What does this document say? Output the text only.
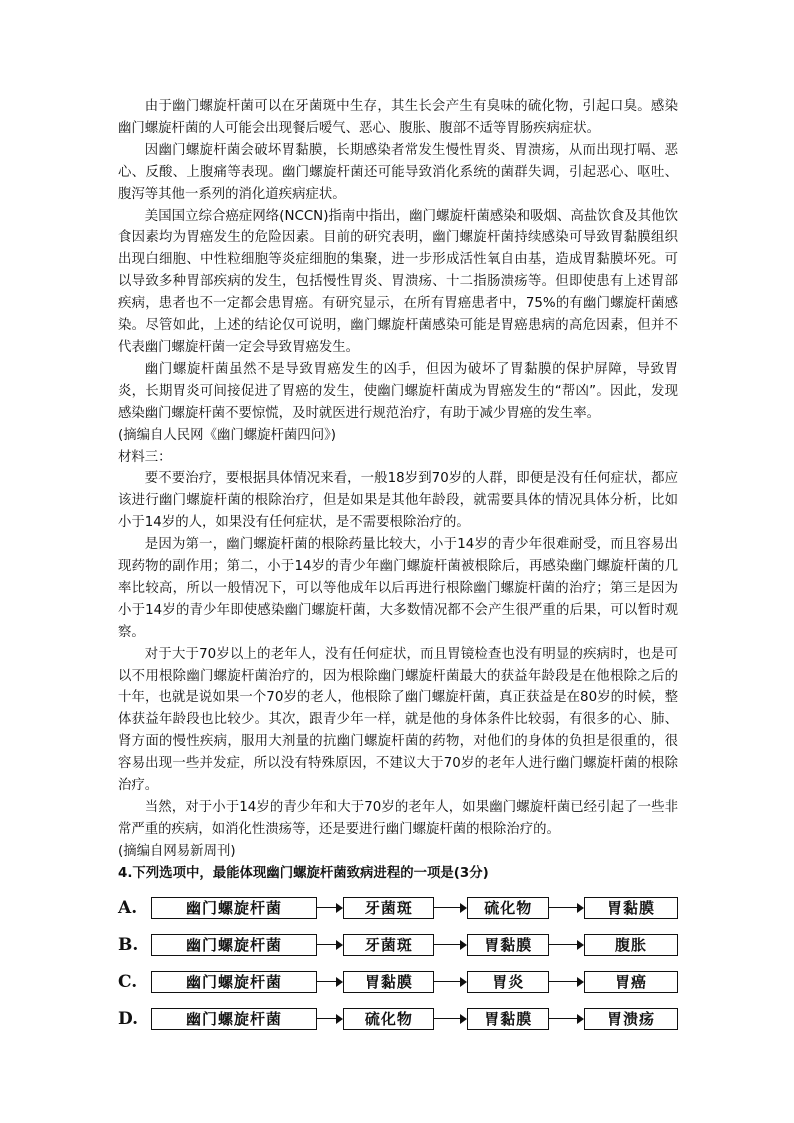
由于幽门螺旋杆菌可以在牙菌斑中生存，其生长会产生有臭味的硫化物，引起口臭。感染幽门螺旋杆菌的人可能会出现餐后嗳气、恶心、腹胀、腹部不适等胃肠疾病症状。

因幽门螺旋杆菌会破坏胃黏膜，长期感染者常发生慢性胃炎、胃溃疡，从而出现打嗝、恶心、反酸、上腹痛等表现。幽门螺旋杆菌还可能导致消化系统的菌群失调，引起恶心、呕吐、腹泻等其他一系列的消化道疾病症状。

美国国立综合癌症网络(NCCN)指南中指出，幽门螺旋杆菌感染和吸烟、高盐饮食及其他饮食因素均为胃癌发生的危险因素。目前的研究表明，幽门螺旋杆菌持续感染可导致胃黏膜组织出现白细胞、中性粒细胞等炎症细胞的集聚，进一步形成活性氧自由基，造成胃黏膜坏死。可以导致多种胃部疾病的发生，包括慢性胃炎、胃溃疡、十二指肠溃疡等。但即使患有上述胃部疾病，患者也不一定都会患胃癌。有研究显示，在所有胃癌患者中，75%的有幽门螺旋杆菌感染。尽管如此，上述的结论仅可说明，幽门螺旋杆菌感染可能是胃癌患病的高危因素，但并不代表幽门螺旋杆菌一定会导致胃癌发生。

幽门螺旋杆菌虽然不是导致胃癌发生的凶手，但因为破坏了胃黏膜的保护屏障，导致胃炎，长期胃炎可间接促进了胃癌的发生，使幽门螺旋杆菌成为胃癌发生的“帮凶”。因此，发现感染幽门螺旋杆菌不要惊慌，及时就医进行规范治疗，有助于减少胃癌的发生率。

(摘编自人民网《幽门螺旋杆菌四问》)

材料三：

要不要治疗，要根据具体情况来看，一般18岁到70岁的人群，即便是没有任何症状，都应该进行幽门螺旋杆菌的根除治疗，但是如果是其他年龄段，就需要具体的情况具体分析，比如小于14岁的人，如果没有任何症状，是不需要根除治疗的。

是因为第一，幽门螺旋杆菌的根除药量比较大，小于14岁的青少年很难耐受，而且容易出现药物的副作用；第二，小于14岁的青少年幽门螺旋杆菌被根除后，再感染幽门螺旋杆菌的几率比较高，所以一般情况下，可以等他成年以后再进行根除幽门螺旋杆菌的治疗；第三是因为小于14岁的青少年即使感染幽门螺旋杆菌，大多数情况都不会产生很严重的后果，可以暂时观察。

对于大于70岁以上的老年人，没有任何症状，而且胃镜检查也没有明显的疾病时，也是可以不用根除幽门螺旋杆菌治疗的，因为根除幽门螺旋杆菌最大的获益年龄段是在他根除之后的十年，也就是说如果一个70岁的老人，他根除了幽门螺旋杆菌，真正获益是在80岁的时候，整体获益年龄段也比较少。其次，跟青少年一样，就是他的身体条件比较弱，有很多的心、肺、肾方面的慢性疾病，服用大剂量的抗幽门螺旋杆菌的药物，对他们的身体的负担是很重的，很容易出现一些并发症，所以没有特殊原因，不建议大于70岁的老年人进行幽门螺旋杆菌的根除治疗。

当然，对于小于14岁的青少年和大于70岁的老年人，如果幽门螺旋杆菌已经引起了一些非常严重的疾病，如消化性溃疡等，还是要进行幽门螺旋杆菌的根除治疗的。

(摘编自网易新周刊)

4.下列选项中，最能体现幽门螺旋杆菌致病进程的一项是(3分)

A.	幽门螺旋杆菌	牙菌斑	硫化物	胃黏膜
B.	幽门螺旋杆菌	牙菌斑	胃黏膜	腹胀
C.	幽门螺旋杆菌	胃黏膜	胃炎	胃癌
D.	幽门螺旋杆菌	硫化物	胃黏膜	胃溃疡
